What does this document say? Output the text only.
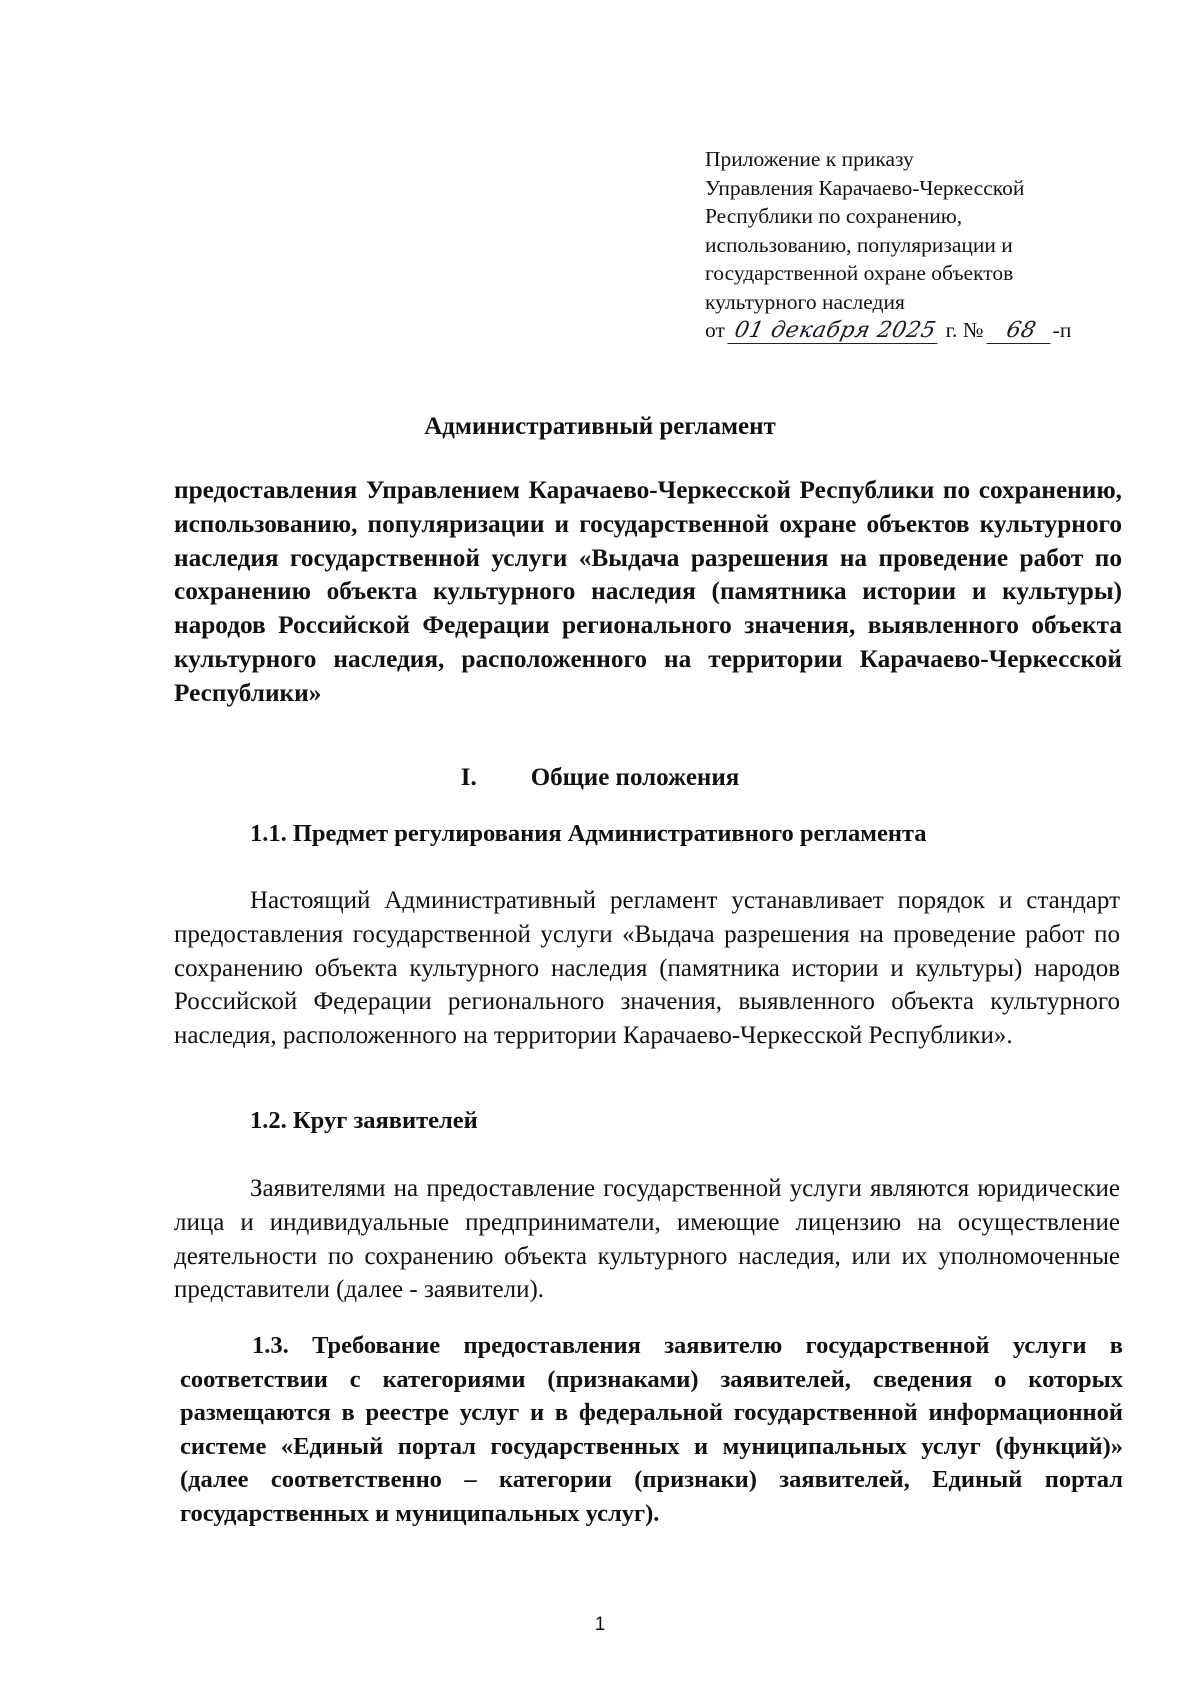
Приложение к приказу
Управления Карачаево-Черкесской
Республики по сохранению,
использованию, популяризации и
государственной охране объектов
культурного наследия
от 01 декабря 2025 г. № 68 -п
Административный регламент
предоставления Управлением Карачаево-Черкесской Республики по сохранению, использованию, популяризации и государственной охране объектов культурного наследия государственной услуги «Выдача разрешения на проведение работ по сохранению объекта культурного наследия (памятника истории и культуры) народов Российской Федерации регионального значения, выявленного объекта культурного наследия, расположенного на территории Карачаево-Черкесской Республики»
I. Общие положения
1.1. Предмет регулирования Административного регламента
Настоящий Административный регламент устанавливает порядок и стандарт предоставления государственной услуги «Выдача разрешения на проведение работ по сохранению объекта культурного наследия (памятника истории и культуры) народов Российской Федерации регионального значения, выявленного объекта культурного наследия, расположенного на территории Карачаево-Черкесской Республики».
1.2. Круг заявителей
Заявителями на предоставление государственной услуги являются юридические лица и индивидуальные предприниматели, имеющие лицензию на осуществление деятельности по сохранению объекта культурного наследия, или их уполномоченные представители (далее - заявители).
1.3. Требование предоставления заявителю государственной услуги в соответствии с категориями (признаками) заявителей, сведения о которых размещаются в реестре услуг и в федеральной государственной информационной системе «Единый портал государственных и муниципальных услуг (функций)» (далее соответственно – категории (признаки) заявителей, Единый портал государственных и муниципальных услуг).
1
